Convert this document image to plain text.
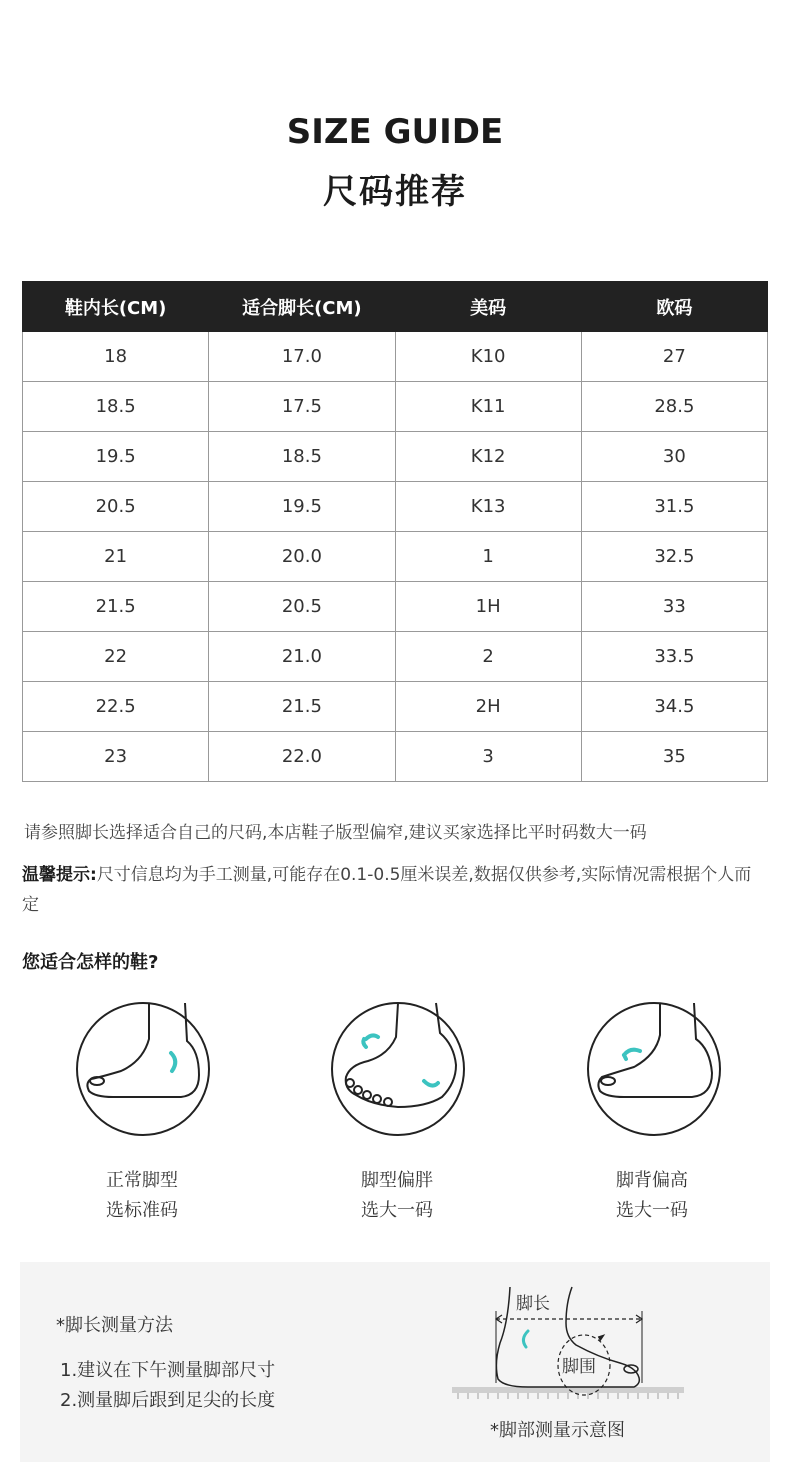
SIZE GUIDE
尺码推荐
鞋内长(CM)	适合脚长(CM)	美码	欧码
18	17.0	K10	27
18.5	17.5	K11	28.5
19.5	18.5	K12	30
20.5	19.5	K13	31.5
21	20.0	1	32.5
21.5	20.5	1H	33
22	21.0	2	33.5
22.5	21.5	2H	34.5
23	22.0	3	35
请参照脚长选择适合自己的尺码,本店鞋子版型偏窄,建议买家选择比平时码数大一码
温馨提示:尺寸信息均为手工测量,可能存在0.1-0.5厘米误差,数据仅供参考,实际情况需根据个人而定
您适合怎样的鞋?
正常脚型
选标准码
脚型偏胖
选大一码
脚背偏高
选大一码
*脚长测量方法
1.建议在下午测量脚部尺寸
2.测量脚后跟到足尖的长度
脚长
脚围
*脚部测量示意图
